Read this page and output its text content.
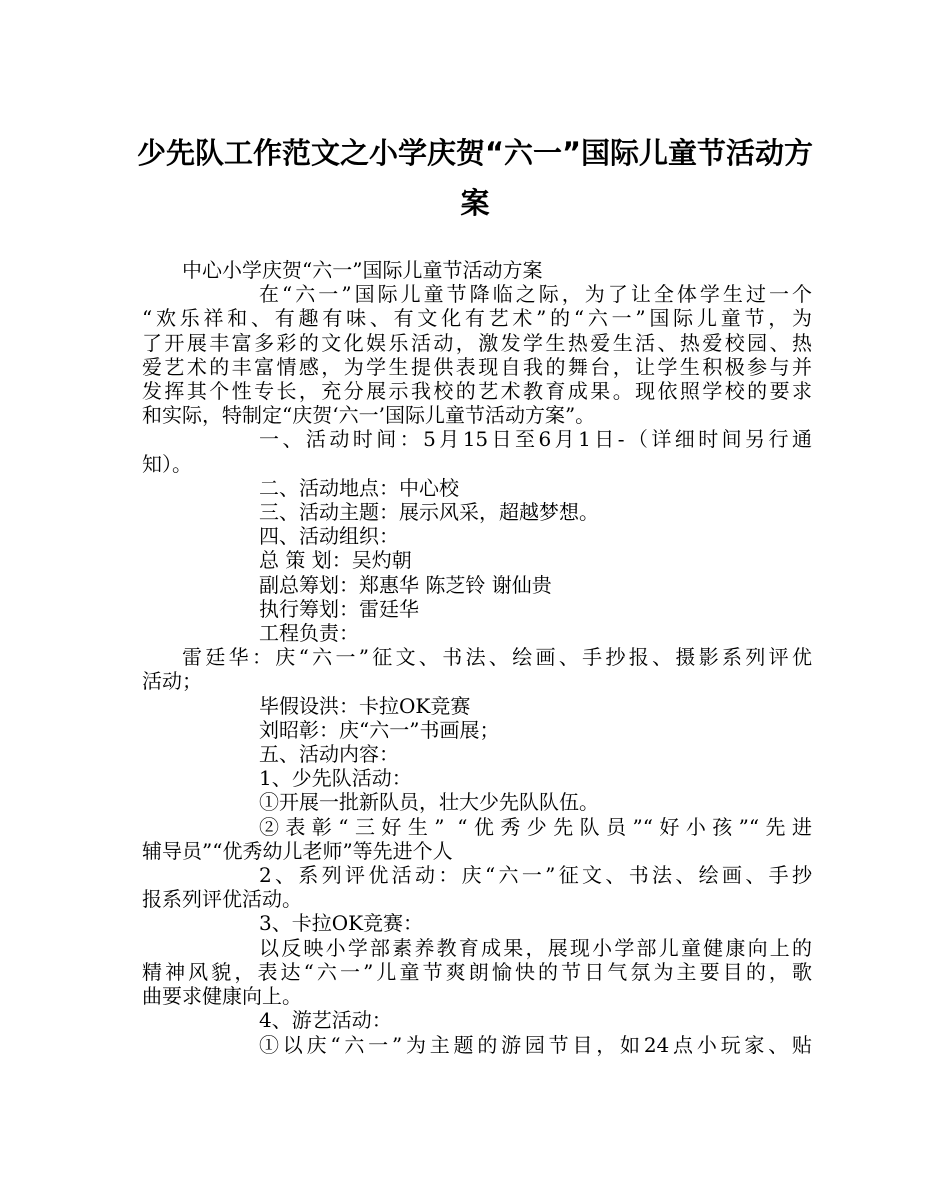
少先队工作范文之小学庆贺“六一”国际儿童节活动方
案
中心小学庆贺“六一”国际儿童节活动方案
在“六一”国际儿童节降临之际，为了让全体学生过一个
“欢乐祥和、有趣有味、有文化有艺术”的“六一”国际儿童节，为
了开展丰富多彩的文化娱乐活动，激发学生热爱生活、热爱校园、热
爱艺术的丰富情感，为学生提供表现自我的舞台，让学生积极参与并
发挥其个性专长，充分展示我校的艺术教育成果。现依照学校的要求
和实际，特制定“庆贺‘六一’国际儿童节活动方案”。
一、活动时间：5月15日至6月1日-（详细时间另行通
知）。
二、活动地点：中心校
三、活动主题：展示风采，超越梦想。
四、活动组织：
总 策 划：吴灼朝
副总筹划：郑惠华 陈芝铃 谢仙贵
执行筹划：雷廷华
工程负责：
雷廷华：庆“六一”征文、书法、绘画、手抄报、摄影系列评优
活动；
毕假设洪：卡拉OK竞赛
刘昭彰：庆“六一”书画展；
五、活动内容：
1、少先队活动：
①开展一批新队员，壮大少先队队伍。
②表彰“三好生” “优秀少先队员”“好小孩”“先进
辅导员”“优秀幼儿老师”等先进个人
2、系列评优活动：庆“六一”征文、书法、绘画、手抄
报系列评优活动。
3、卡拉OK竞赛：
以反映小学部素养教育成果，展现小学部儿童健康向上的
精神风貌，表达“六一”儿童节爽朗愉快的节日气氛为主要目的，歌
曲要求健康向上。
4、游艺活动：
①以庆“六一”为主题的游园节目，如24点小玩家、贴
